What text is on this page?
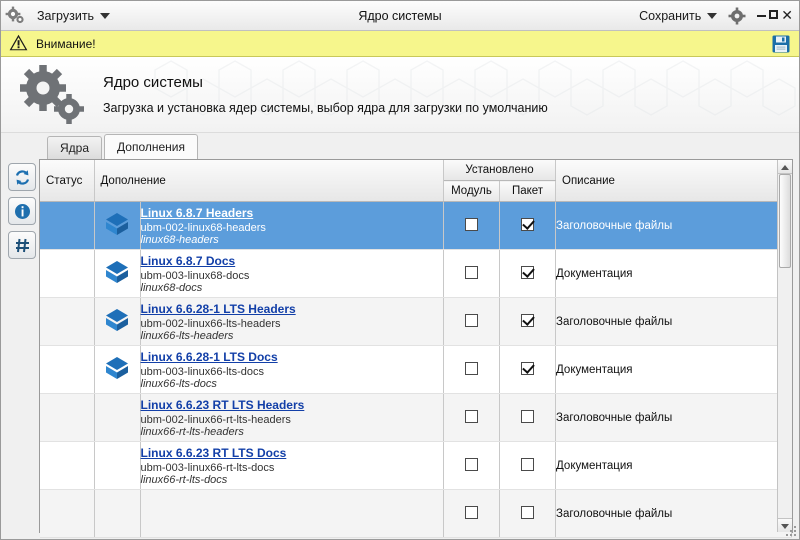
Загрузить	Ядро системы	Сохранить	✕
Внимание!
Ядро системы
Загрузка и установка ядер системы, выбор ядра для загрузки по умолчанию
Ядра	Дополнения
Статус	Дополнение		Установлено		Описание
			Модуль	Пакет	

Linux 6.8.7 Headers
ubm-002-linux68-headers
linux68-headers			Заголовочные файлы

Linux 6.8.7 Docs
ubm-003-linux68-docs
linux68-docs			Документация

Linux 6.6.28-1 LTS Headers
ubm-002-linux66-lts-headers
linux66-lts-headers			Заголовочные файлы

Linux 6.6.28-1 LTS Docs
ubm-003-linux66-lts-docs
linux66-lts-docs			Документация

		Linux 6.6.23 RT LTS Headers
ubm-002-linux66-rt-lts-headers
linux66-rt-lts-headers			Заголовочные файлы

		Linux 6.6.23 RT LTS Docs
ubm-003-linux66-rt-lts-docs
linux66-rt-lts-docs			Документация
					Заголовочные файлы
